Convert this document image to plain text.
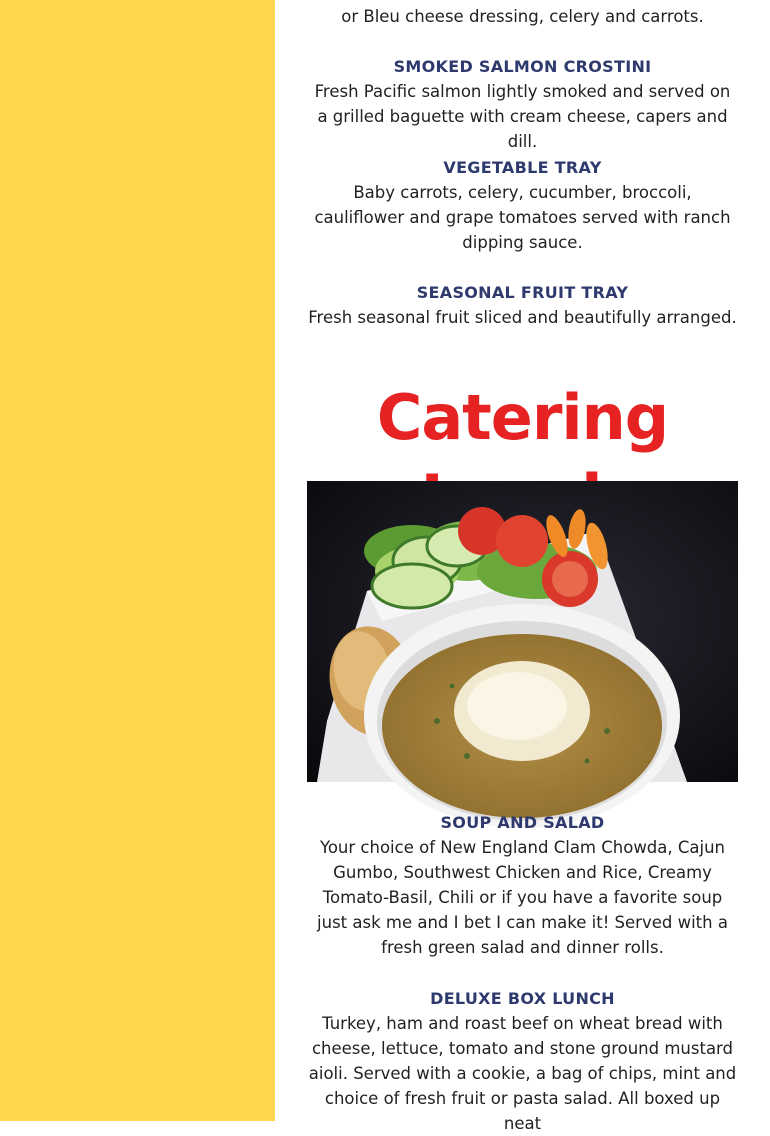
or Bleu cheese dressing, celery and carrots.

SMOKED SALMON CROSTINI

Fresh Pacific salmon lightly smoked and served on a grilled baguette with cream cheese, capers and dill.

VEGETABLE TRAY

Baby carrots, celery, cucumber, broccoli, cauliflower and grape tomatoes served with ranch dipping sauce.

SEASONAL FRUIT TRAY

Fresh seasonal fruit sliced and beautifully arranged.

Catering

SOUP AND SALAD

Your choice of New England Clam Chowda, Cajun Gumbo, Southwest Chicken and Rice, Creamy Tomato-Basil, Chili or if you have a favorite soup just ask me and I bet I can make it! Served with a fresh green salad and dinner rolls.

DELUXE BOX LUNCH

Turkey, ham and roast beef on wheat bread with cheese, lettuce, tomato and stone ground mustard aioli. Served with a cookie, a bag of chips, mint and choice of fresh fruit or pasta salad. All boxed up neat
